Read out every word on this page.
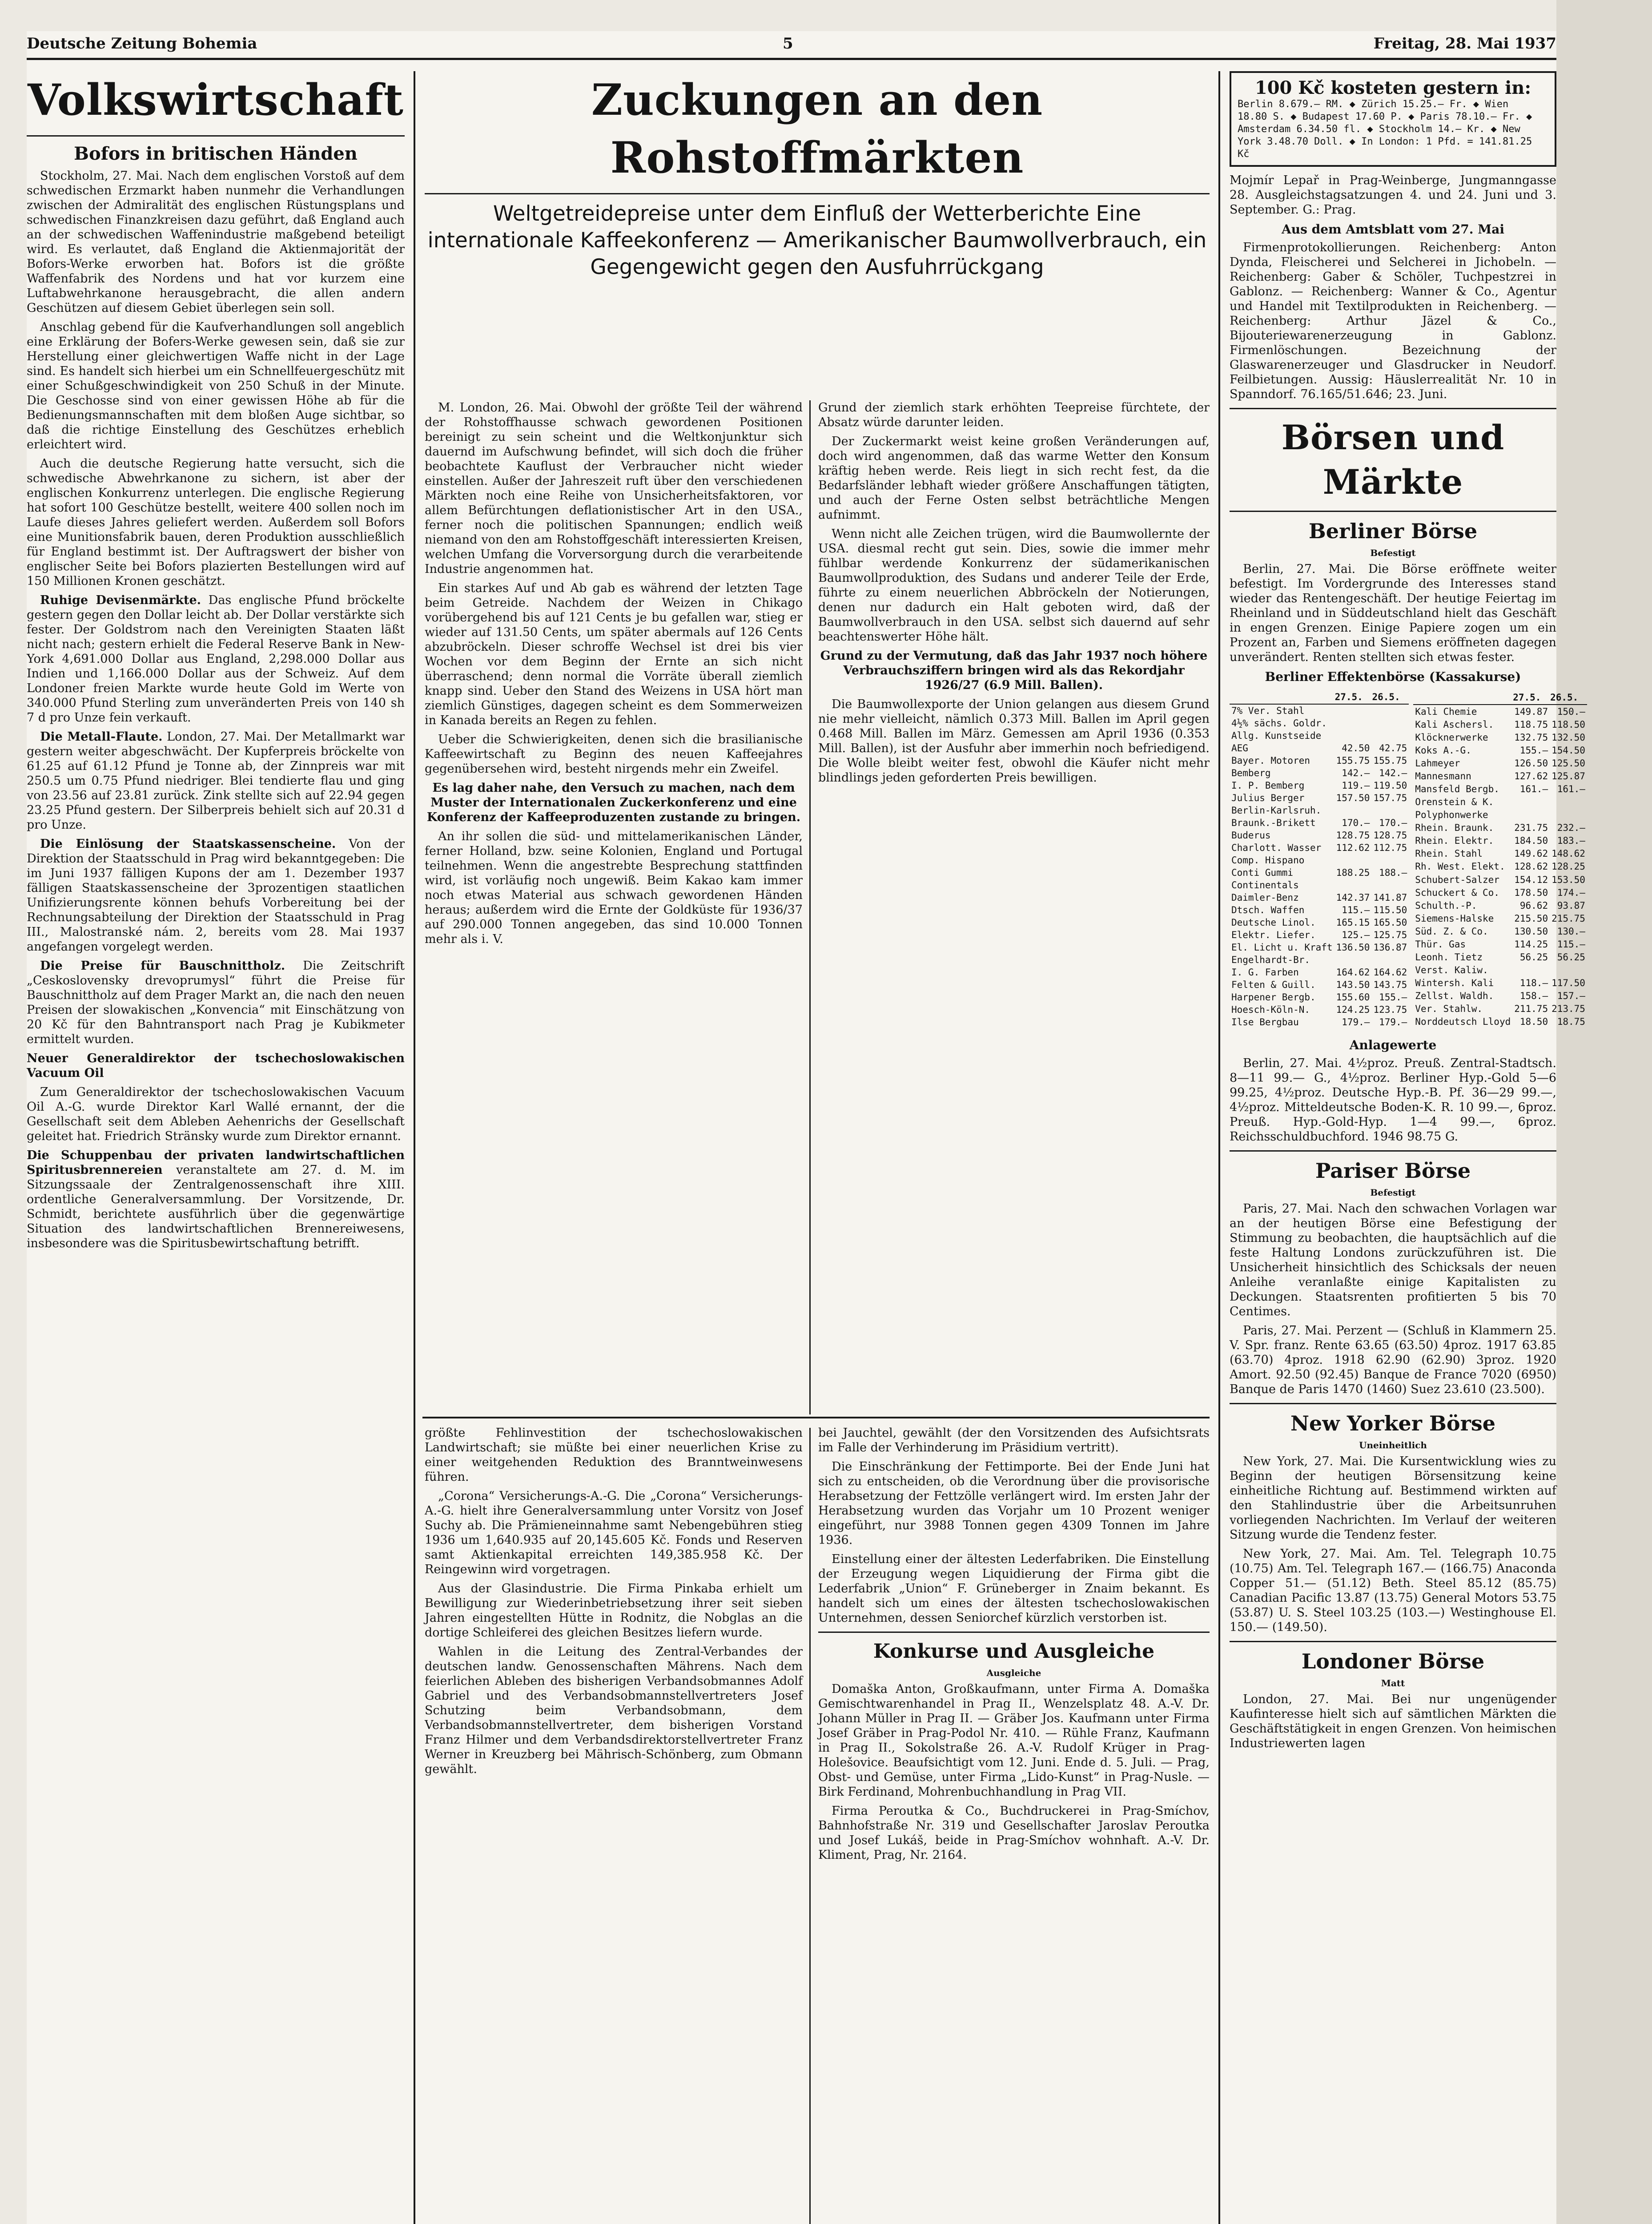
Deutsche Zeitung Bohemia	5	Freitag, 28. Mai 1937
Volkswirtschaft
Bofors in britischen Händen

Stockholm, 27. Mai. Nach dem englischen Vorstoß auf dem schwedischen Erzmarkt haben nunmehr die Verhandlungen zwischen der Admiralität des englischen Rüstungsplans und schwedischen Finanzkreisen dazu geführt, daß England auch an der schwedischen Waffenindustrie maßgebend beteiligt wird. Es verlautet, daß England die Aktienmajorität der Bofors-Werke erworben hat. Bofors ist die größte Waffenfabrik des Nordens und hat vor kurzem eine Luftabwehrkanone herausgebracht, die allen andern Geschützen auf diesem Gebiet überlegen sein soll.

Anschlag gebend für die Kaufverhandlungen soll angeblich eine Erklärung der Bofers-Werke gewesen sein, daß sie zur Herstellung einer gleichwertigen Waffe nicht in der Lage sind. Es handelt sich hierbei um ein Schnellfeuergeschütz mit einer Schußgeschwindigkeit von 250 Schuß in der Minute. Die Geschosse sind von einer gewissen Höhe ab für die Bedienungsmannschaften mit dem bloßen Auge sichtbar, so daß die richtige Einstellung des Geschützes erheblich erleichtert wird.

Auch die deutsche Regierung hatte versucht, sich die schwedische Abwehrkanone zu sichern, ist aber der englischen Konkurrenz unterlegen. Die englische Regierung hat sofort 100 Geschütze bestellt, weitere 400 sollen noch im Laufe dieses Jahres geliefert werden. Außerdem soll Bofors eine Munitionsfabrik bauen, deren Produktion ausschließlich für England bestimmt ist. Der Auftragswert der bisher von englischer Seite bei Bofors plazierten Bestellungen wird auf 150 Millionen Kronen geschätzt.

Ruhige Devisenmärkte. Das englische Pfund bröckelte gestern gegen den Dollar leicht ab. Der Dollar verstärkte sich fester. Der Goldstrom nach den Vereinigten Staaten läßt nicht nach; gestern erhielt die Federal Reserve Bank in New-York 4,691.000 Dollar aus England, 2,298.000 Dollar aus Indien und 1,166.000 Dollar aus der Schweiz. Auf dem Londoner freien Markte wurde heute Gold im Werte von 340.000 Pfund Sterling zum unveränderten Preis von 140 sh 7 d pro Unze fein verkauft.

Die Metall-Flaute. London, 27. Mai. Der Metallmarkt war gestern weiter abgeschwächt. Der Kupferpreis bröckelte von 61.25 auf 61.12 Pfund je Tonne ab, der Zinnpreis war mit 250.5 um 0.75 Pfund niedriger. Blei tendierte flau und ging von 23.56 auf 23.81 zurück. Zink stellte sich auf 22.94 gegen 23.25 Pfund gestern. Der Silberpreis behielt sich auf 20.31 d pro Unze.

Die Einlösung der Staatskassenscheine. Von der Direktion der Staatsschuld in Prag wird bekanntgegeben: Die im Juni 1937 fälligen Kupons der am 1. Dezember 1937 fälligen Staatskassenscheine der 3prozentigen staatlichen Unifizierungsrente können behufs Vorbereitung bei der Rechnungsabteilung der Direktion der Staatsschuld in Prag III., Malostranské nám. 2, bereits vom 28. Mai 1937 angefangen vorgelegt werden.

Die Preise für Bauschnittholz. Die Zeitschrift „Ceskoslovensky drevoprumysl“ führt die Preise für Bauschnittholz auf dem Prager Markt an, die nach den neuen Preisen der slowakischen „Konvencia“ mit Einschätzung von 20 Kč für den Bahntransport nach Prag je Kubikmeter ermittelt wurden.

Neuer Generaldirektor der tschechoslowakischen Vacuum Oil

Zum Generaldirektor der tschechoslowakischen Vacuum Oil A.-G. wurde Direktor Karl Wallé ernannt, der die Gesellschaft seit dem Ableben Aehenrichs der Gesellschaft geleitet hat. Friedrich Stränsky wurde zum Direktor ernannt.

Die Schuppenbau der privaten landwirtschaftlichen Spiritusbrennereien veranstaltete am 27. d. M. im Sitzungssaale der Zentralgenossenschaft ihre XIII. ordentliche Generalversammlung. Der Vorsitzende, Dr. Schmidt, berichtete ausführlich über die gegenwärtige Situation des landwirtschaftlichen Brennereiwesens, insbesondere was die Spiritusbewirtschaftung betrifft.

Zuckungen an den Rohstoffmärkten
Weltgetreidepreise unter dem Einfluß der Wetterberichte Eine internationale Kaffeekonferenz — Amerikanischer Baumwollverbrauch, ein Gegengewicht gegen den Ausfuhrrückgang

M. London, 26. Mai. Obwohl der größte Teil der während der Rohstoffhausse schwach gewordenen Positionen bereinigt zu sein scheint und die Weltkonjunktur sich dauernd im Aufschwung befindet, will sich doch die früher beobachtete Kauflust der Verbraucher nicht wieder einstellen. Außer der Jahreszeit ruft über den verschiedenen Märkten noch eine Reihe von Unsicherheitsfaktoren, vor allem Befürchtungen deflationistischer Art in den USA., ferner noch die politischen Spannungen; endlich weiß niemand von den am Rohstoffgeschäft interessierten Kreisen, welchen Umfang die Vorversorgung durch die verarbeitende Industrie angenommen hat.

Ein starkes Auf und Ab gab es während der letzten Tage beim Getreide. Nachdem der Weizen in Chikago vorübergehend bis auf 121 Cents je bu gefallen war, stieg er wieder auf 131.50 Cents, um später abermals auf 126 Cents abzubröckeln. Dieser schroffe Wechsel ist drei bis vier Wochen vor dem Beginn der Ernte an sich nicht überraschend; denn normal die Vorräte überall ziemlich knapp sind. Ueber den Stand des Weizens in USA hört man ziemlich Günstiges, dagegen scheint es dem Sommerweizen in Kanada bereits an Regen zu fehlen.

Ueber die Schwierigkeiten, denen sich die brasilianische Kaffeewirtschaft zu Beginn des neuen Kaffeejahres gegenübersehen wird, besteht nirgends mehr ein Zweifel.

Es lag daher nahe, den Versuch zu machen, nach dem Muster der Internationalen Zuckerkonferenz und eine Konferenz der Kaffeeproduzenten zustande zu bringen.

An ihr sollen die süd- und mittelamerikanischen Länder, ferner Holland, bzw. seine Kolonien, England und Portugal teilnehmen. Wenn die angestrebte Besprechung stattfinden wird, ist vorläufig noch ungewiß. Beim Kakao kam immer noch etwas Material aus schwach gewordenen Händen heraus; außerdem wird die Ernte der Goldküste für 1936/37 auf 290.000 Tonnen angegeben, das sind 10.000 Tonnen mehr als i. V.

Grund der ziemlich stark erhöhten Teepreise fürchtete, der Absatz würde darunter leiden.

Der Zuckermarkt weist keine großen Veränderungen auf, doch wird angenommen, daß das warme Wetter den Konsum kräftig heben werde. Reis liegt in sich recht fest, da die Bedarfsländer lebhaft wieder größere Anschaffungen tätigten, und auch der Ferne Osten selbst beträchtliche Mengen aufnimmt.

Wenn nicht alle Zeichen trügen, wird die Baumwollernte der USA. diesmal recht gut sein. Dies, sowie die immer mehr fühlbar werdende Konkurrenz der südamerikanischen Baumwollproduktion, des Sudans und anderer Teile der Erde, führte zu einem neuerlichen Abbröckeln der Notierungen, denen nur dadurch ein Halt geboten wird, daß der Baumwollverbrauch in den USA. selbst sich dauernd auf sehr beachtenswerter Höhe hält.

Grund zu der Vermutung, daß das Jahr 1937 noch höhere Verbrauchsziffern bringen wird als das Rekordjahr 1926/27 (6.9 Mill. Ballen).

Die Baumwollexporte der Union gelangen aus diesem Grund nie mehr vielleicht, nämlich 0.373 Mill. Ballen im April gegen 0.468 Mill. Ballen im März. Gemessen am April 1936 (0.353 Mill. Ballen), ist der Ausfuhr aber immerhin noch befriedigend. Die Wolle bleibt weiter fest, obwohl die Käufer nicht mehr blindlings jeden geforderten Preis bewilligen.

größte Fehlinvestition der tschechoslowakischen Landwirtschaft; sie müßte bei einer neuerlichen Krise zu einer weitgehenden Reduktion des Branntweinwesens führen.

„Corona“ Versicherungs-A.-G. Die „Corona“ Versicherungs-A.-G. hielt ihre Generalversammlung unter Vorsitz von Josef Suchy ab. Die Prämieneinnahme samt Nebengebühren stieg 1936 um 1,640.935 auf 20,145.605 Kč. Fonds und Reserven samt Aktienkapital erreichten 149,385.958 Kč. Der Reingewinn wird vorgetragen.

Aus der Glasindustrie. Die Firma Pinkaba erhielt um Bewilligung zur Wiederinbetriebsetzung ihrer seit sieben Jahren eingestellten Hütte in Rodnitz, die Nobglas an die dortige Schleiferei des gleichen Besitzes liefern wurde.

Wahlen in die Leitung des Zentral-Verbandes der deutschen landw. Genossenschaften Mährens. Nach dem feierlichen Ableben des bisherigen Verbandsobmannes Adolf Gabriel und des Verbandsobmannstellvertreters Josef Schutzing beim Verbandsobmann, dem Verbandsobmannstellvertreter, dem bisherigen Vorstand Franz Hilmer und dem Verbandsdirektorstellvertreter Franz Werner in Kreuzberg bei Mährisch-Schönberg, zum Obmann gewählt.

bei Jauchtel, gewählt (der den Vorsitzenden des Aufsichtsrats im Falle der Verhinderung im Präsidium vertritt).

Die Einschränkung der Fettimporte. Bei der Ende Juni hat sich zu entscheiden, ob die Verordnung über die provisorische Herabsetzung der Fettzölle verlängert wird. Im ersten Jahr der Herabsetzung wurden das Vorjahr um 10 Prozent weniger eingeführt, nur 3988 Tonnen gegen 4309 Tonnen im Jahre 1936.

Einstellung einer der ältesten Lederfabriken. Die Einstellung der Erzeugung wegen Liquidierung der Firma gibt die Lederfabrik „Union“ F. Grüneberger in Znaim bekannt. Es handelt sich um eines der ältesten tschechoslowakischen Unternehmen, dessen Seniorchef kürzlich verstorben ist.

Konkurse und Ausgleiche
Ausgleiche

Domaška Anton, Großkaufmann, unter Firma A. Domaška Gemischtwarenhandel in Prag II., Wenzelsplatz 48. A.-V. Dr. Johann Müller in Prag II. — Gräber Jos. Kaufmann unter Firma Josef Gräber in Prag-Podol Nr. 410. — Rühle Franz, Kaufmann in Prag II., Sokolstraße 26. A.-V. Rudolf Krüger in Prag-Holešovice. Beaufsichtigt vom 12. Juni. Ende d. 5. Juli. — Prag, Obst- und Gemüse, unter Firma „Lido-Kunst“ in Prag-Nusle. — Birk Ferdinand, Mohrenbuchhandlung in Prag VII.

Firma Peroutka & Co., Buchdruckerei in Prag-Smíchov, Bahnhofstraße Nr. 319 und Gesellschafter Jaroslav Peroutka und Josef Lukáš, beide in Prag-Smíchov wohnhaft. A.-V. Dr. Kliment, Prag, Nr. 2164.

100 Kč kosteten gestern in:
Berlin 8.679.— RM. ◆ Zürich 15.25.— Fr. ◆ Wien
18.80 S. ◆ Budapest 17.60 P. ◆ Paris 78.10.— Fr. ◆
Amsterdam 6.34.50 fl. ◆ Stockholm 14.— Kr. ◆ New
York 3.48.70 Doll. ◆ In London: 1 Pfd. = 141.81.25 Kč

Mojmír Lepař in Prag-Weinberge, Jungmanngasse 28. Ausgleichstagsatzungen 4. und 24. Juni und 3. September. G.: Prag.

Aus dem Amtsblatt vom 27. Mai

Firmenprotokollierungen. Reichenberg: Anton Dynda, Fleischerei und Selcherei in Jichobeln. — Reichenberg: Gaber & Schöler, Tuchpestzrei in Gablonz. — Reichenberg: Wanner & Co., Agentur und Handel mit Textilprodukten in Reichenberg. — Reichenberg: Arthur Jäzel & Co., Bijouteriewarenerzeugung in Gablonz. Firmenlöschungen. Bezeichnung der Glaswarenerzeuger und Glasdrucker in Neudorf. Feilbietungen. Aussig: Häuslerrealität Nr. 10 in Spanndorf. 76.165/51.646; 23. Juni.

Börsen und Märkte
Berliner Börse
Befestigt

Berlin, 27. Mai. Die Börse eröffnete weiter befestigt. Im Vordergrunde des Interesses stand wieder das Rentengeschäft. Der heutige Feiertag im Rheinland und in Süddeutschland hielt das Geschäft in engen Grenzen. Einige Papiere zogen um ein Prozent an, Farben und Siemens eröffneten dagegen unverändert. Renten stellten sich etwas fester.

Berliner Effektenbörse (Kassakurse)
	27.5.	26.5.
7% Ver. Stahl		
4½% sächs. Goldr.		
Allg. Kunstseide		
AEG	42.50	42.75
Bayer. Motoren	155.75	155.75
Bemberg	142.—	142.—
I. P. Bemberg	119.—	119.50
Julius Berger	157.50	157.75
Berlin-Karlsruh.		
Braunk.-Brikett	170.—	170.—
Buderus	128.75	128.75
Charlott. Wasser	112.62	112.75
Comp. Hispano		
Conti Gummi	188.25	188.—
Continentals		
Daimler-Benz	142.37	141.87
Dtsch. Waffen	115.—	115.50
Deutsche Linol.	165.15	165.50
Elektr. Liefer.	125.—	125.75
El. Licht u. Kraft	136.50	136.87
Engelhardt-Br.		
I. G. Farben	164.62	164.62
Felten & Guill.	143.50	143.75
Harpener Bergb.	155.60	155.—
Hoesch-Köln-N.	124.25	123.75
Ilse Bergbau	179.—	179.—
	27.5.	26.5.
Kali Chemie	149.87	150.—
Kali Aschersl.	118.75	118.50
Klöcknerwerke	132.75	132.50
Koks A.-G.	155.—	154.50
Lahmeyer	126.50	125.50
Mannesmann	127.62	125.87
Mansfeld Bergb.	161.—	161.—
Orenstein & K.		
Polyphonwerke		
Rhein. Braunk.	231.75	232.—
Rhein. Elektr.	184.50	183.—
Rhein. Stahl	149.62	148.62
Rh. West. Elekt.	128.62	128.25
Schubert-Salzer	154.12	153.50
Schuckert & Co.	178.50	174.—
Schulth.-P.	96.62	93.87
Siemens-Halske	215.50	215.75
Süd. Z. & Co.	130.50	130.—
Thür. Gas	114.25	115.—
Leonh. Tietz	56.25	56.25
Verst. Kaliw.		
Wintersh. Kali	118.—	117.50
Zellst. Waldh.	158.—	157.—
Ver. Stahlw.	211.75	213.75
Norddeutsch Lloyd	18.50	18.75
Anlagewerte

Berlin, 27. Mai. 4½proz. Preuß. Zentral-Stadtsch. 8—11 99.— G., 4½proz. Berliner Hyp.-Gold 5—6 99.25, 4½proz. Deutsche Hyp.-B. Pf. 36—29 99.—, 4½proz. Mitteldeutsche Boden-K. R. 10 99.—, 6proz. Preuß. Hyp.-Gold-Hyp. 1—4 99.—, 6proz. Reichsschuldbuchford. 1946 98.75 G.

Pariser Börse
Befestigt

Paris, 27. Mai. Nach den schwachen Vorlagen war an der heutigen Börse eine Befestigung der Stimmung zu beobachten, die hauptsächlich auf die feste Haltung Londons zurückzuführen ist. Die Unsicherheit hinsichtlich des Schicksals der neuen Anleihe veranlaßte einige Kapitalisten zu Deckungen. Staatsrenten profitierten 5 bis 70 Centimes.

Paris, 27. Mai. Perzent — (Schluß in Klammern 25. V. Spr. franz. Rente 63.65 (63.50) 4proz. 1917 63.85 (63.70) 4proz. 1918 62.90 (62.90) 3proz. 1920 Amort. 92.50 (92.45) Banque de France 7020 (6950) Banque de Paris 1470 (1460) Suez 23.610 (23.500).

New Yorker Börse
Uneinheitlich

New York, 27. Mai. Die Kursentwicklung wies zu Beginn der heutigen Börsensitzung keine einheitliche Richtung auf. Bestimmend wirkten auf den Stahlindustrie über die Arbeitsunruhen vorliegenden Nachrichten. Im Verlauf der weiteren Sitzung wurde die Tendenz fester.

New York, 27. Mai. Am. Tel. Telegraph 10.75 (10.75) Am. Tel. Telegraph 167.— (166.75) Anaconda Copper 51.— (51.12) Beth. Steel 85.12 (85.75) Canadian Pacific 13.87 (13.75) General Motors 53.75 (53.87) U. S. Steel 103.25 (103.—) Westinghouse El. 150.— (149.50).

Londoner Börse
Matt

London, 27. Mai. Bei nur ungenügender Kaufinteresse hielt sich auf sämtlichen Märkten die Geschäftstätigkeit in engen Grenzen. Von heimischen Industriewerten lagen
